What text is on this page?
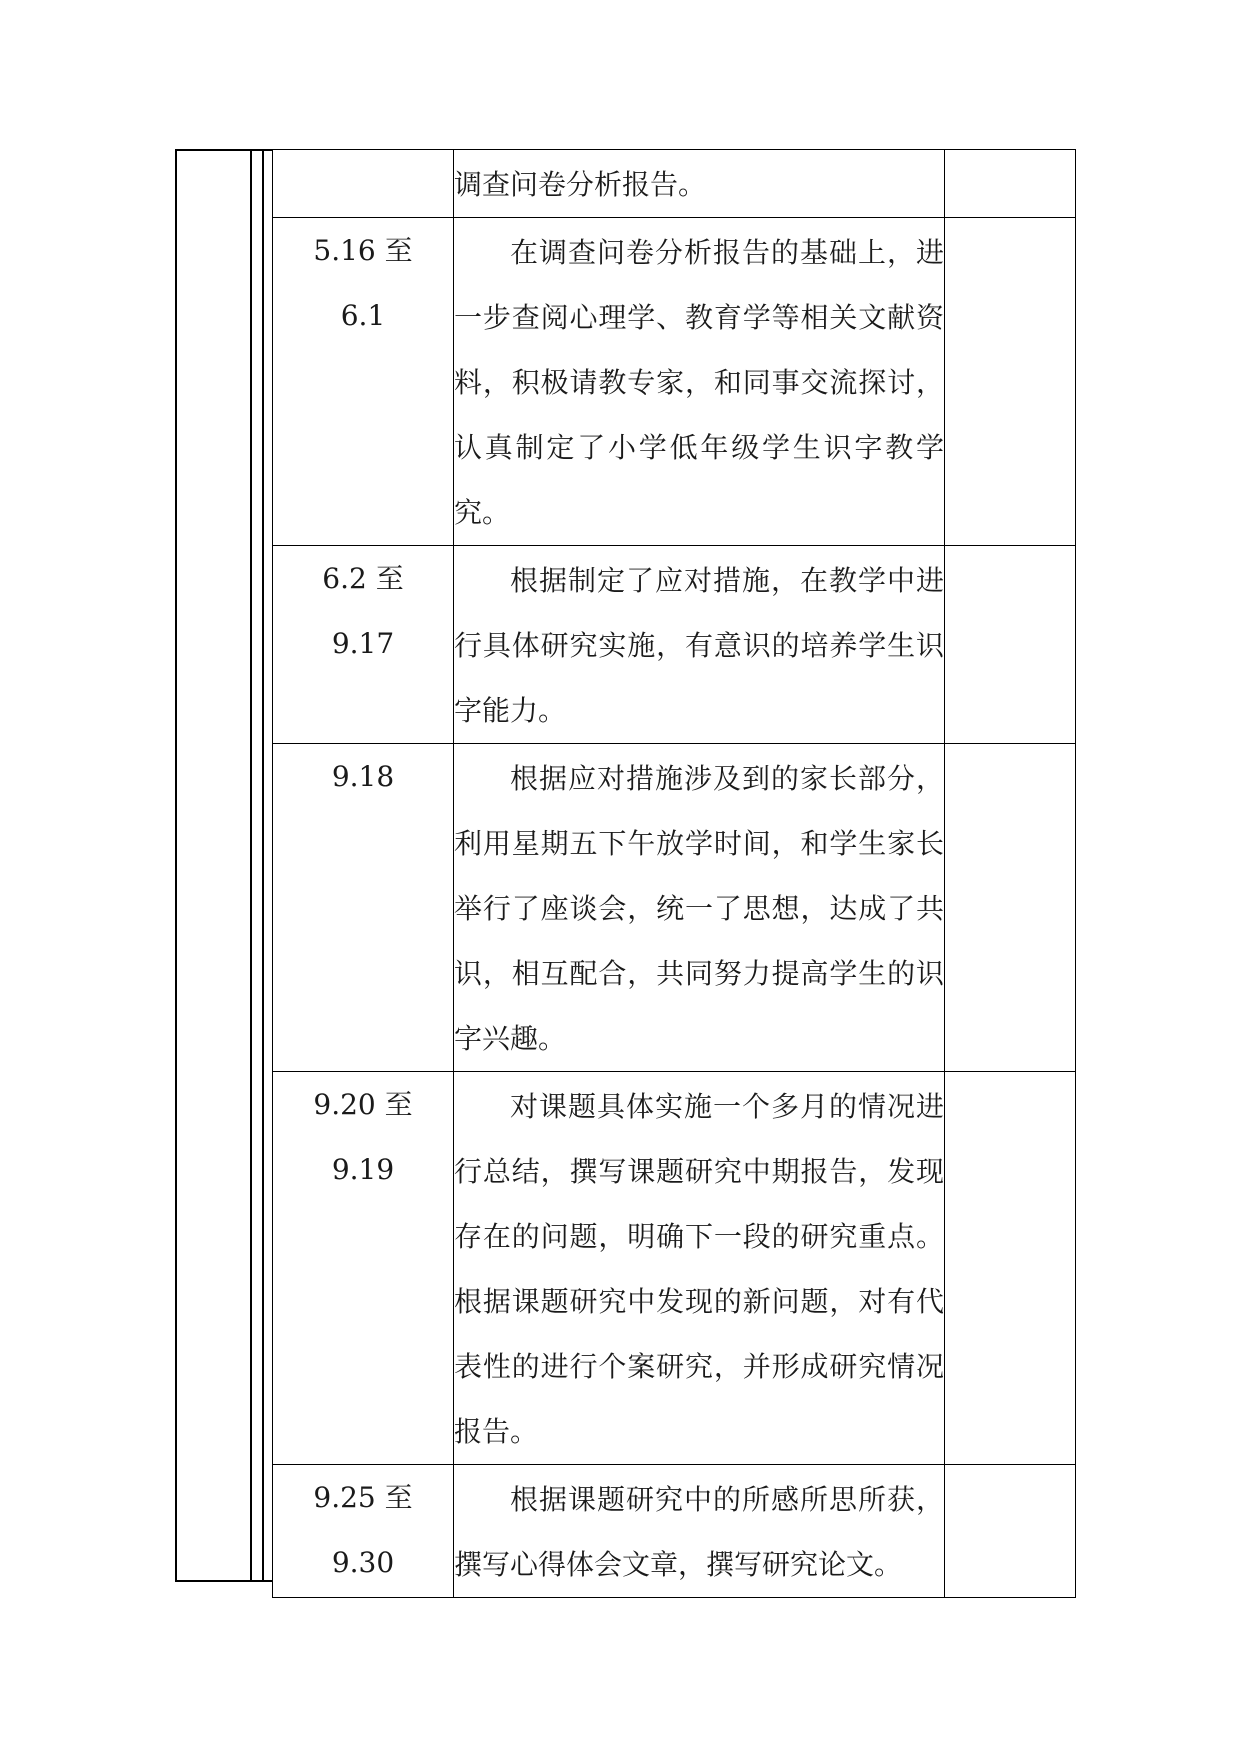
	调查问卷分析报告。	

5.16 至
6.1	在调查问卷分析报告的基础上，进一步查阅心理学、教育学等相关文献资料，积极请教专家，和同事交流探讨，认真制定了小学低年级学生识字教学究。	

6.2 至
9.17	根据制定了应对措施，在教学中进行具体研究实施，有意识的培养学生识字能力。	

9.18	根据应对措施涉及到的家长部分，利用星期五下午放学时间，和学生家长举行了座谈会，统一了思想，达成了共识，相互配合，共同努力提高学生的识字兴趣。	

9.20 至
9.19	对课题具体实施一个多月的情况进行总结，撰写课题研究中期报告，发现存在的问题，明确下一段的研究重点。根据课题研究中发现的新问题，对有代表性的进行个案研究，并形成研究情况报告。	

9.25 至
9.30	根据课题研究中的所感所思所获，撰写心得体会文章，撰写研究论文。	
